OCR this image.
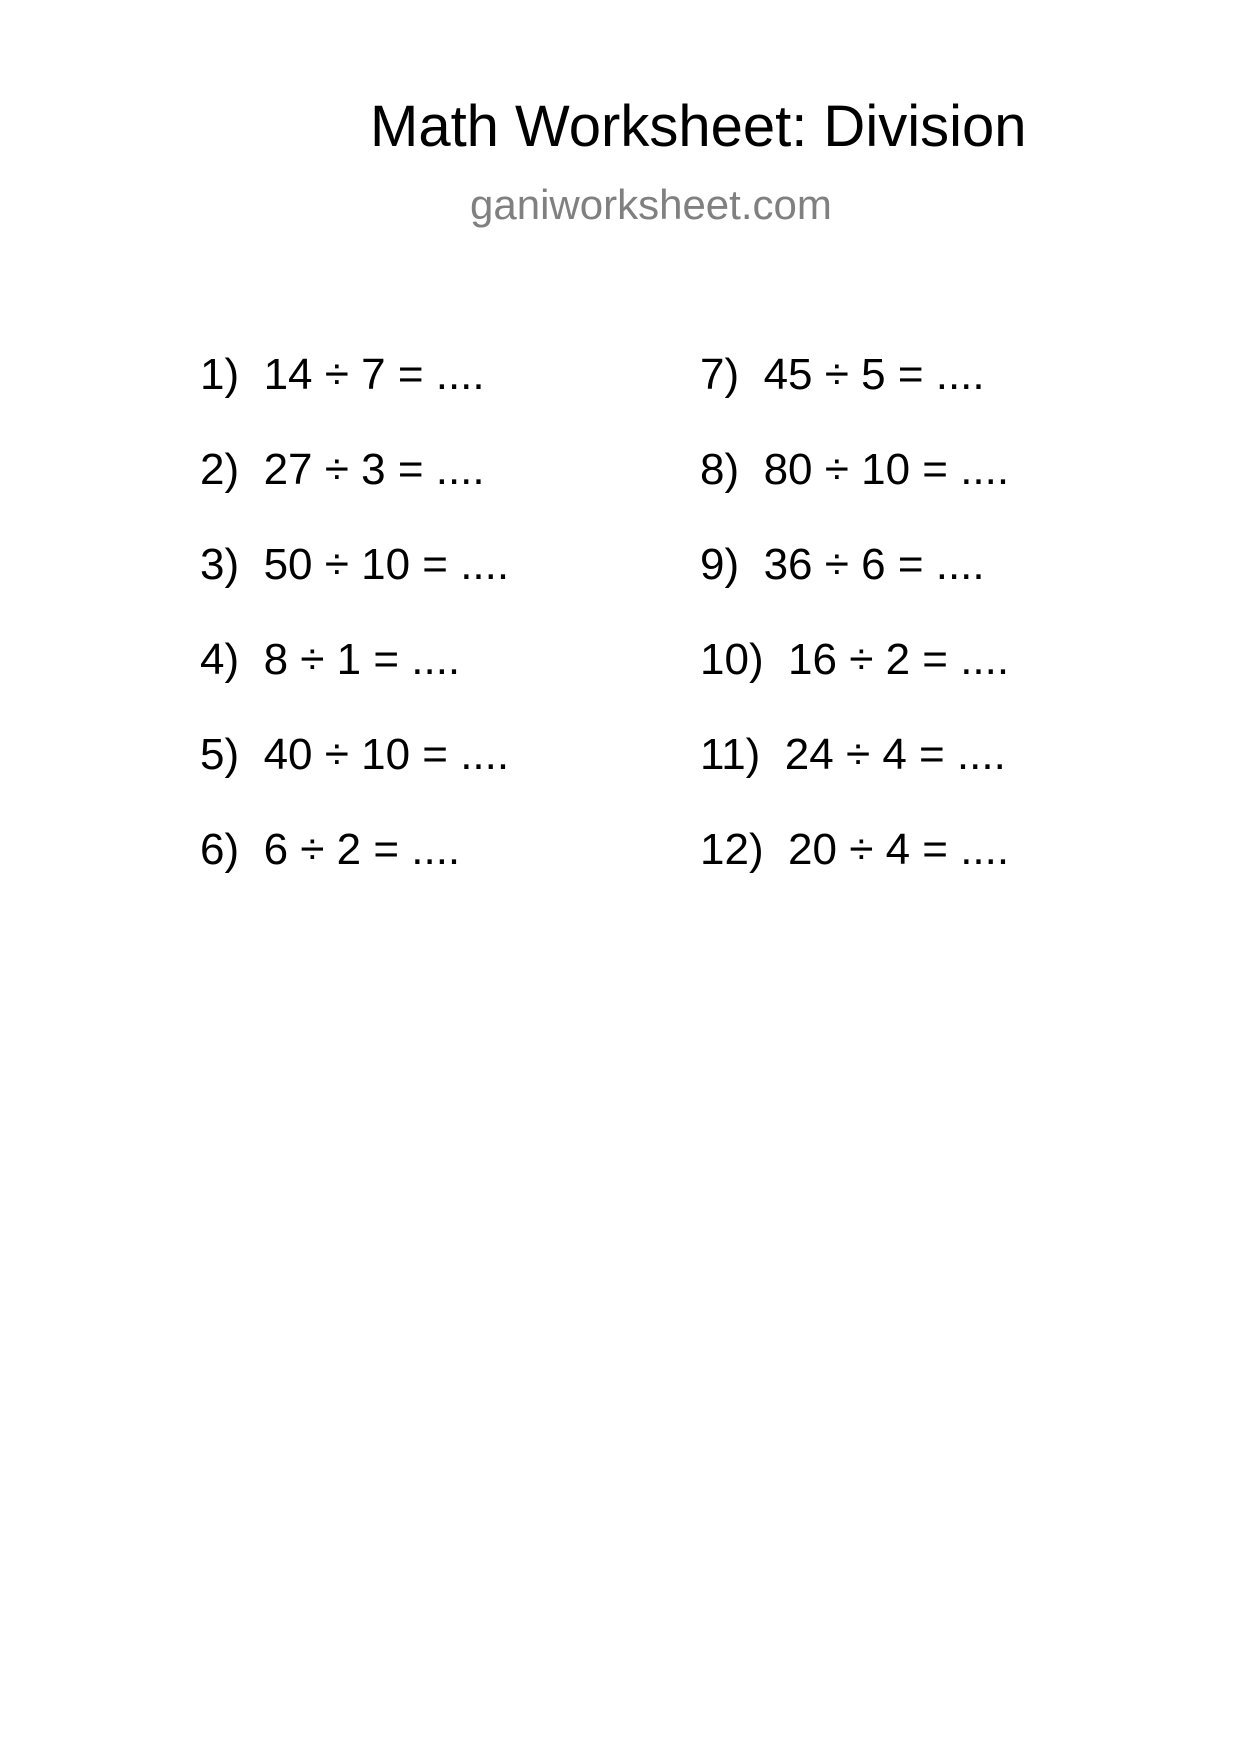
Math Worksheet: Division
ganiworksheet.com
1) 14 ÷ 7 = ....
2) 27 ÷ 3 = ....
3) 50 ÷ 10 = ....
4) 8 ÷ 1 = ....
5) 40 ÷ 10 = ....
6) 6 ÷ 2 = ....
7) 45 ÷ 5 = ....
8) 80 ÷ 10 = ....
9) 36 ÷ 6 = ....
10) 16 ÷ 2 = ....
11) 24 ÷ 4 = ....
12) 20 ÷ 4 = ....
